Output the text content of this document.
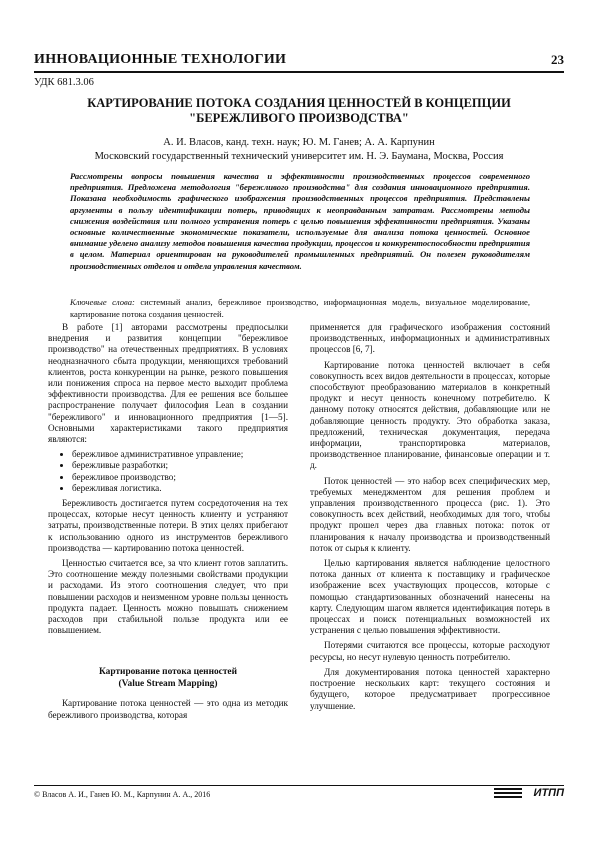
ИННОВАЦИОННЫЕ ТЕХНОЛОГИИ	23
УДК 681.3.06
КАРТИРОВАНИЕ ПОТОКА СОЗДАНИЯ ЦЕННОСТЕЙ В КОНЦЕПЦИИ
"БЕРЕЖЛИВОГО ПРОИЗВОДСТВА"
А. И. Власов, канд. техн. наук; Ю. М. Ганев; А. А. Карпунин
Московский государственный технический университет им. Н. Э. Баумана, Москва, Россия
Рассмотрены вопросы повышения качества и эффективности производственных процессов современного предприятия. Предложена методология "бережливого производства" для создания инновационного предприятия. Показана необходимость графического изображения производственных процессов предприятия. Представлены аргументы в пользу идентификации потерь, приводящих к неоправданным затратам. Рассмотрены методы снижения воздействия или полного устранения потерь с целью повышения эффективности предприятия. Указаны основные количественные экономические показатели, используемые для анализа потока ценностей. Основное внимание уделено анализу методов повышения качества продукции, процессов и конкурентоспособности предприятия в целом. Материал ориентирован на руководителей промышленных предприятий. Он полезен руководителям производственных отделов и отдела управления качеством.
Ключевые слова: системный анализ, бережливое производство, информационная модель, визуальное моделирование, картирование потока создания ценностей.

В работе [1] авторами рассмотрены предпосылки внедрения и развития концепции "бережливое производство" на отечественных предприятиях. В условиях неодназначного сбыта продукции, меняющихся требований клиентов, роста конкуренции на рынке, резкого повышения или понижения спроса на первое место выходит проблема эффективности производства. Для ее решения все большее распространение получает философия Lean в создании "бережливого" и инновационного предприятия [1—5]. Основными характеристиками такого предприятия являются:

• бережливое административное управление;
• бережливые разработки;
• бережливое производство;
• бережливая логистика.

Бережливость достигается путем сосредоточения на тех процессах, которые несут ценность клиенту и устраняют затраты, производственные потери. В этих целях прибегают к использованию одного из инструментов бережливого производства — картированию потока ценностей.

Ценностью считается все, за что клиент готов заплатить. Это соотношение между полезными свойствами продукции и расходами. Из этого соотношения следует, что при повышении расходов и неизменном уровне пользы ценность продукта падает. Ценность можно повышать снижением расходов при стабильной пользе продукта или ее повышением.

Картирование потока ценностей
(Value Stream Mapping)

Картирование потока ценностей — это одна из методик бережливого производства, которая

применяется для графического изображения состояний производственных, информационных и административных процессов [6, 7].

Картирование потока ценностей включает в себя совокупность всех видов деятельности в процессах, которые способствуют преобразованию материалов в конкретный продукт и несут ценность конечному потребителю. К данному потоку относятся действия, добавляющие или не добавляющие ценность продукту. Это обработка заказа, предложений, техническая документация, передача информации, транспортировка материалов, производственное планирование, финансовые операции и т. д.

Поток ценностей — это набор всех специфических мер, требуемых менеджментом для решения проблем и управления производственного процесса (рис. 1). Это совокупность всех действий, необходимых для того, чтобы продукт прошел через два главных потока: поток от планирования к началу производства и производственный поток от сырья к клиенту.

Целью картирования является наблюдение целостного потока данных от клиента к поставщику и графическое изображение всех участвующих процессов, которые с помощью стандартизованных обозначений нанесены на карту. Следующим шагом является идентификация потерь в процессах и поиск потенциальных возможностей их устранения с целью повышения эффективности.

Потерями считаются все процессы, которые расходуют ресурсы, но несут нулевую ценность потребителю.

Для документирования потока ценностей характерно построение нескольких карт: текущего состояния и будущего, которое предусматривает прогрессивное улучшение.

© Власов А. И., Ганев Ю. М., Карпунин А. А., 2016	ИТПП
